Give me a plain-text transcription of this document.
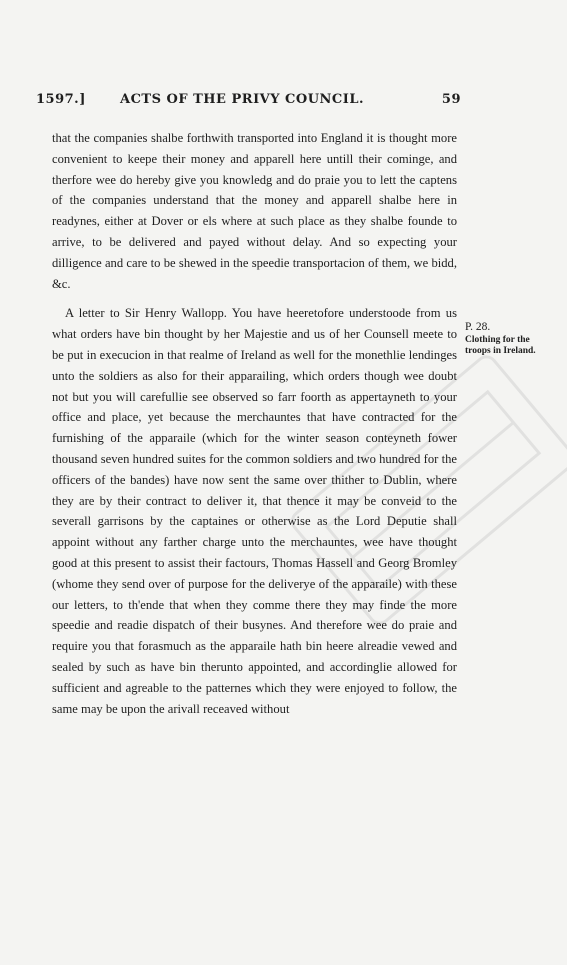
1597.]	ACTS OF THE PRIVY COUNCIL.	59

that the companies shalbe forthwith transported into England it is thought more convenient to keepe their money and apparell here untill their cominge, and therfore wee do hereby give you knowledg and do praie you to lett the captens of the companies understand that the money and apparell shalbe here in readynes, either at Dover or els where at such place as they shalbe founde to arrive, to be delivered and payed without delay. And so expecting your dilligence and care to be shewed in the speedie transportacion of them, we bidd, &c.

A letter to Sir Henry Wallopp. You have heeretofore understoode from us what orders have bin thought by her Majestie and us of her Counsell meete to be put in execucion in that realme of Ireland as well for the monethlie lendinges unto the soldiers as also for their apparailing, which orders though wee doubt not but you will carefullie see observed so farr foorth as appertayneth to your office and place, yet because the merchauntes that have contracted for the furnishing of the apparaile (which for the winter season conteyneth fower thousand seven hundred suites for the common soldiers and two hundred for the officers of the bandes) have now sent the same over thither to Dublin, where they are by their contract to deliver it, that thence it may be conveid to the severall garrisons by the captaines or otherwise as the Lord Deputie shall appoint without any farther charge unto the merchauntes, wee have thought good at this present to assist their factours, Thomas Hassell and Georg Bromley (whome they send over of purpose for the deliverye of the apparaile) with these our letters, to th'ende that when they comme there they may finde the more speedie and readie dispatch of their busynes. And therefore wee do praie and require you that forasmuch as the apparaile hath bin heere alreadie vewed and sealed by such as have bin therunto appointed, and accordinglie allowed for sufficient and agreable to the patternes which they were enjoyed to follow, the same may be upon the arivall receaved without

P. 28.
Clothing for the troops in Ireland.
